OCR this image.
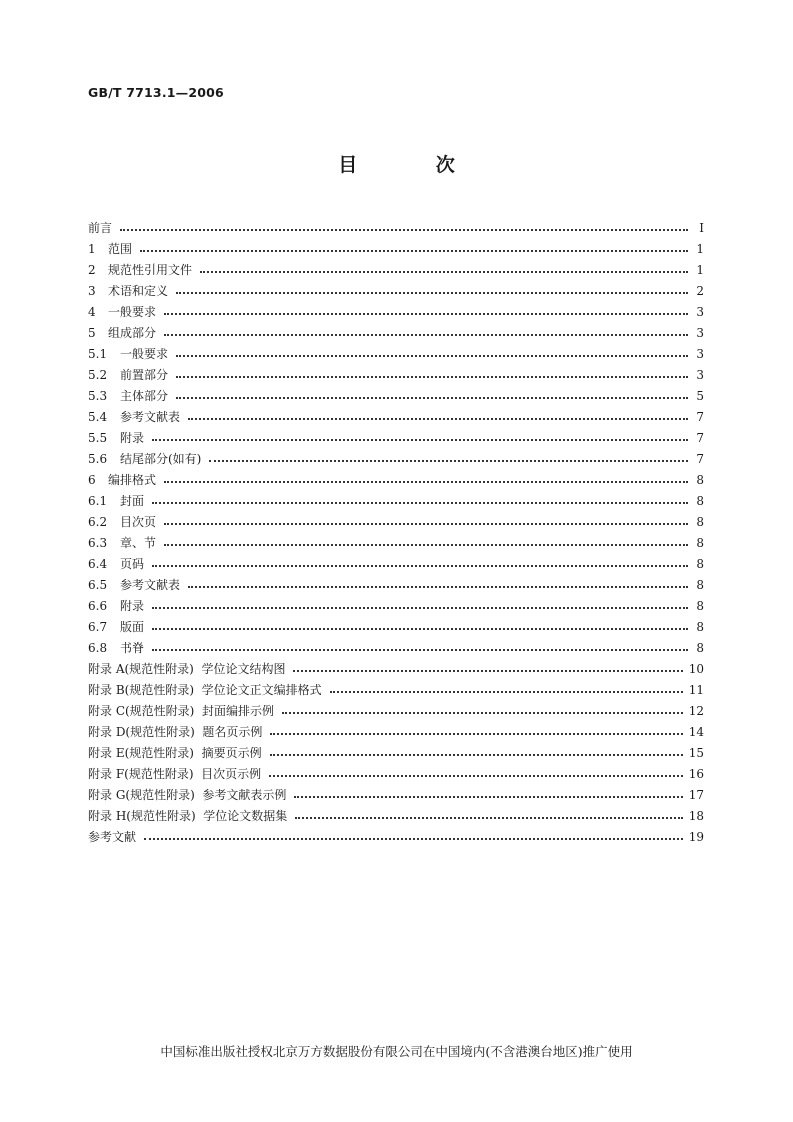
GB/T 7713.1—2006
目 次
前言	Ⅰ
1 范围	1
2 规范性引用文件	1
3 术语和定义	2
4 一般要求	3
5 组成部分	3
5.1 一般要求	3
5.2 前置部分	3
5.3 主体部分	5
5.4 参考文献表	7
5.5 附录	7
5.6 结尾部分(如有)	7
6 编排格式	8
6.1 封面	8
6.2 目次页	8
6.3 章、节	8
6.4 页码	8
6.5 参考文献表	8
6.6 附录	8
6.7 版面	8
6.8 书脊	8
附录 A(规范性附录)  学位论文结构图	10
附录 B(规范性附录)  学位论文正文编排格式	11
附录 C(规范性附录)  封面编排示例	12
附录 D(规范性附录)  题名页示例	14
附录 E(规范性附录)  摘要页示例	15
附录 F(规范性附录)  目次页示例	16
附录 G(规范性附录)  参考文献表示例	17
附录 H(规范性附录)  学位论文数据集	18
参考文献	19
中国标准出版社授权北京万方数据股份有限公司在中国境内(不含港澳台地区)推广使用
